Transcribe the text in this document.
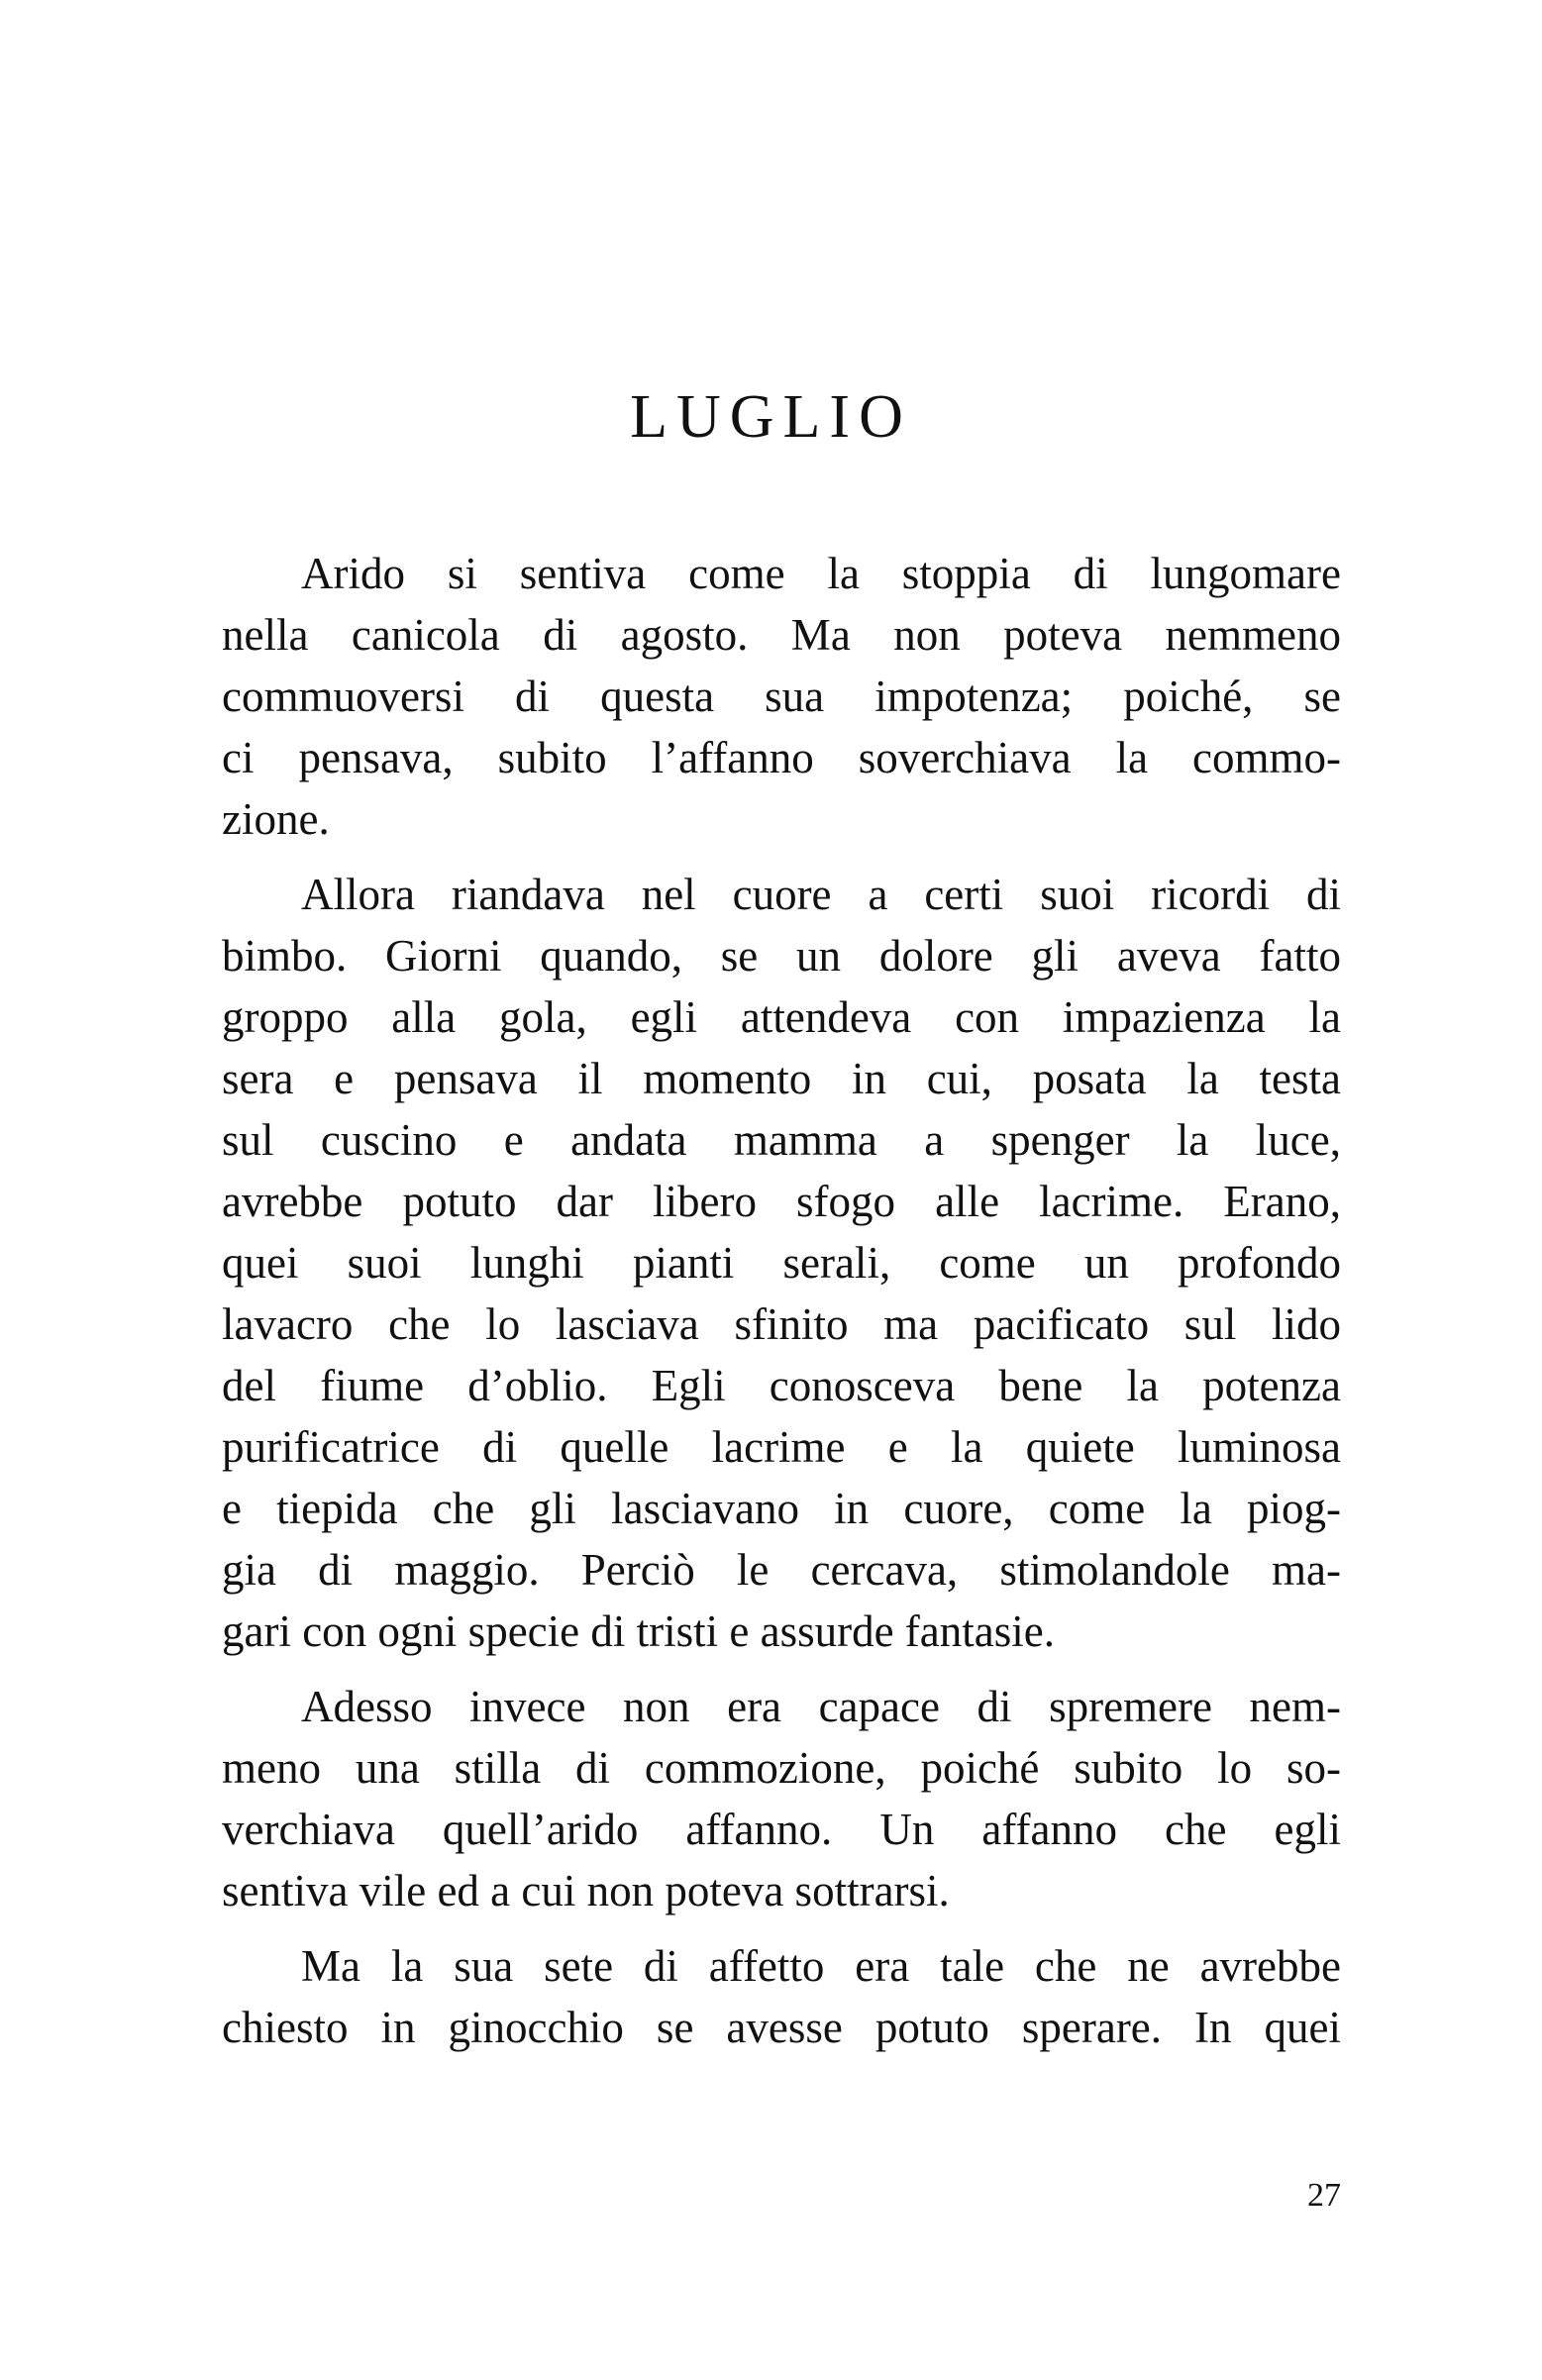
LUGLIO
Arido si sentiva come la stoppia di lungomare
nella canicola di agosto. Ma non poteva nemmeno
commuoversi di questa sua impotenza; poiché, se
ci pensava, subito l’affanno soverchiava la commo-
zione.
Allora riandava nel cuore a certi suoi ricordi di
bimbo. Giorni quando, se un dolore gli aveva fatto
groppo alla gola, egli attendeva con impazienza la
sera e pensava il momento in cui, posata la testa
sul cuscino e andata mamma a spenger la luce,
avrebbe potuto dar libero sfogo alle lacrime. Erano,
quei suoi lunghi pianti serali, come un profondo
lavacro che lo lasciava sfinito ma pacificato sul lido
del fiume d’oblio. Egli conosceva bene la potenza
purificatrice di quelle lacrime e la quiete luminosa
e tiepida che gli lasciavano in cuore, come la piog-
gia di maggio. Perciò le cercava, stimolandole ma-
gari con ogni specie di tristi e assurde fantasie.
Adesso invece non era capace di spremere nem-
meno una stilla di commozione, poiché subito lo so-
verchiava quell’arido affanno. Un affanno che egli
sentiva vile ed a cui non poteva sottrarsi.
Ma la sua sete di affetto era tale che ne avrebbe
chiesto in ginocchio se avesse potuto sperare. In quei
27
